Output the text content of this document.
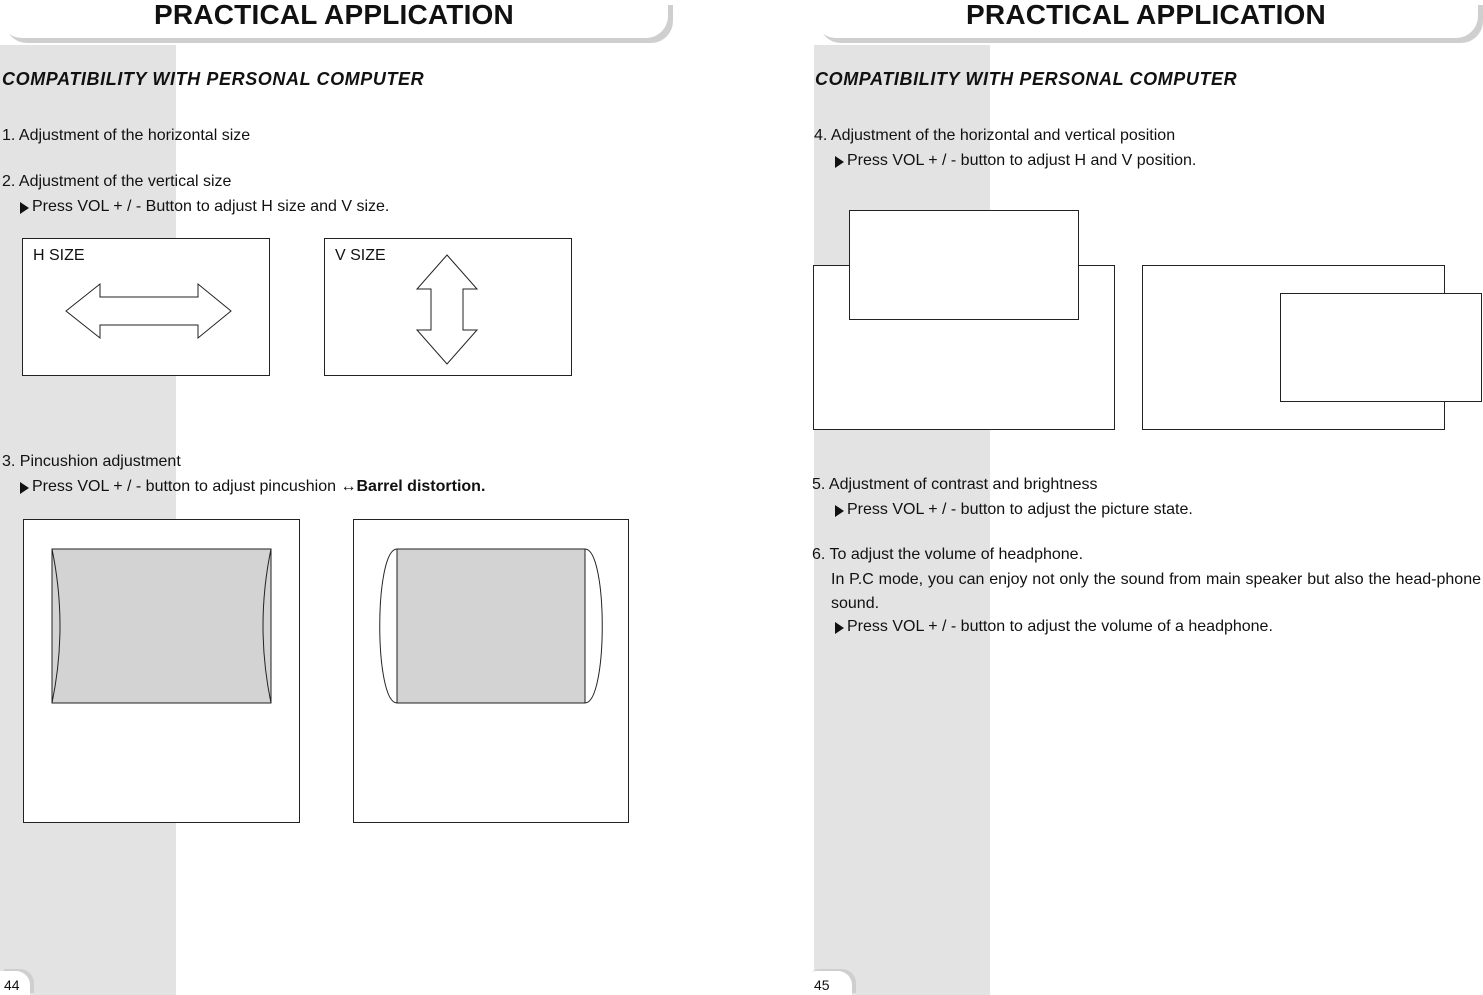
PRACTICAL APPLICATION
COMPATIBILITY WITH PERSONAL COMPUTER
1. Adjustment of the horizontal size
2. Adjustment of the vertical size
Press VOL + / - Button to adjust H size and V size.
H SIZE	V SIZE
3. Pincushion adjustment
Press VOL + / - button to adjust pincushion ↔Barrel distortion.
44
PRACTICAL APPLICATION
COMPATIBILITY WITH PERSONAL COMPUTER
4. Adjustment of the horizontal and vertical position
Press VOL + / - button to adjust H and V position.
5. Adjustment of contrast and brightness
Press VOL + / - button to adjust the picture state.
6. To adjust the volume of headphone.
In P.C mode, you can enjoy not only the sound from main speaker but also the head-phone sound.
Press VOL + / - button to adjust the volume of a headphone.
45
